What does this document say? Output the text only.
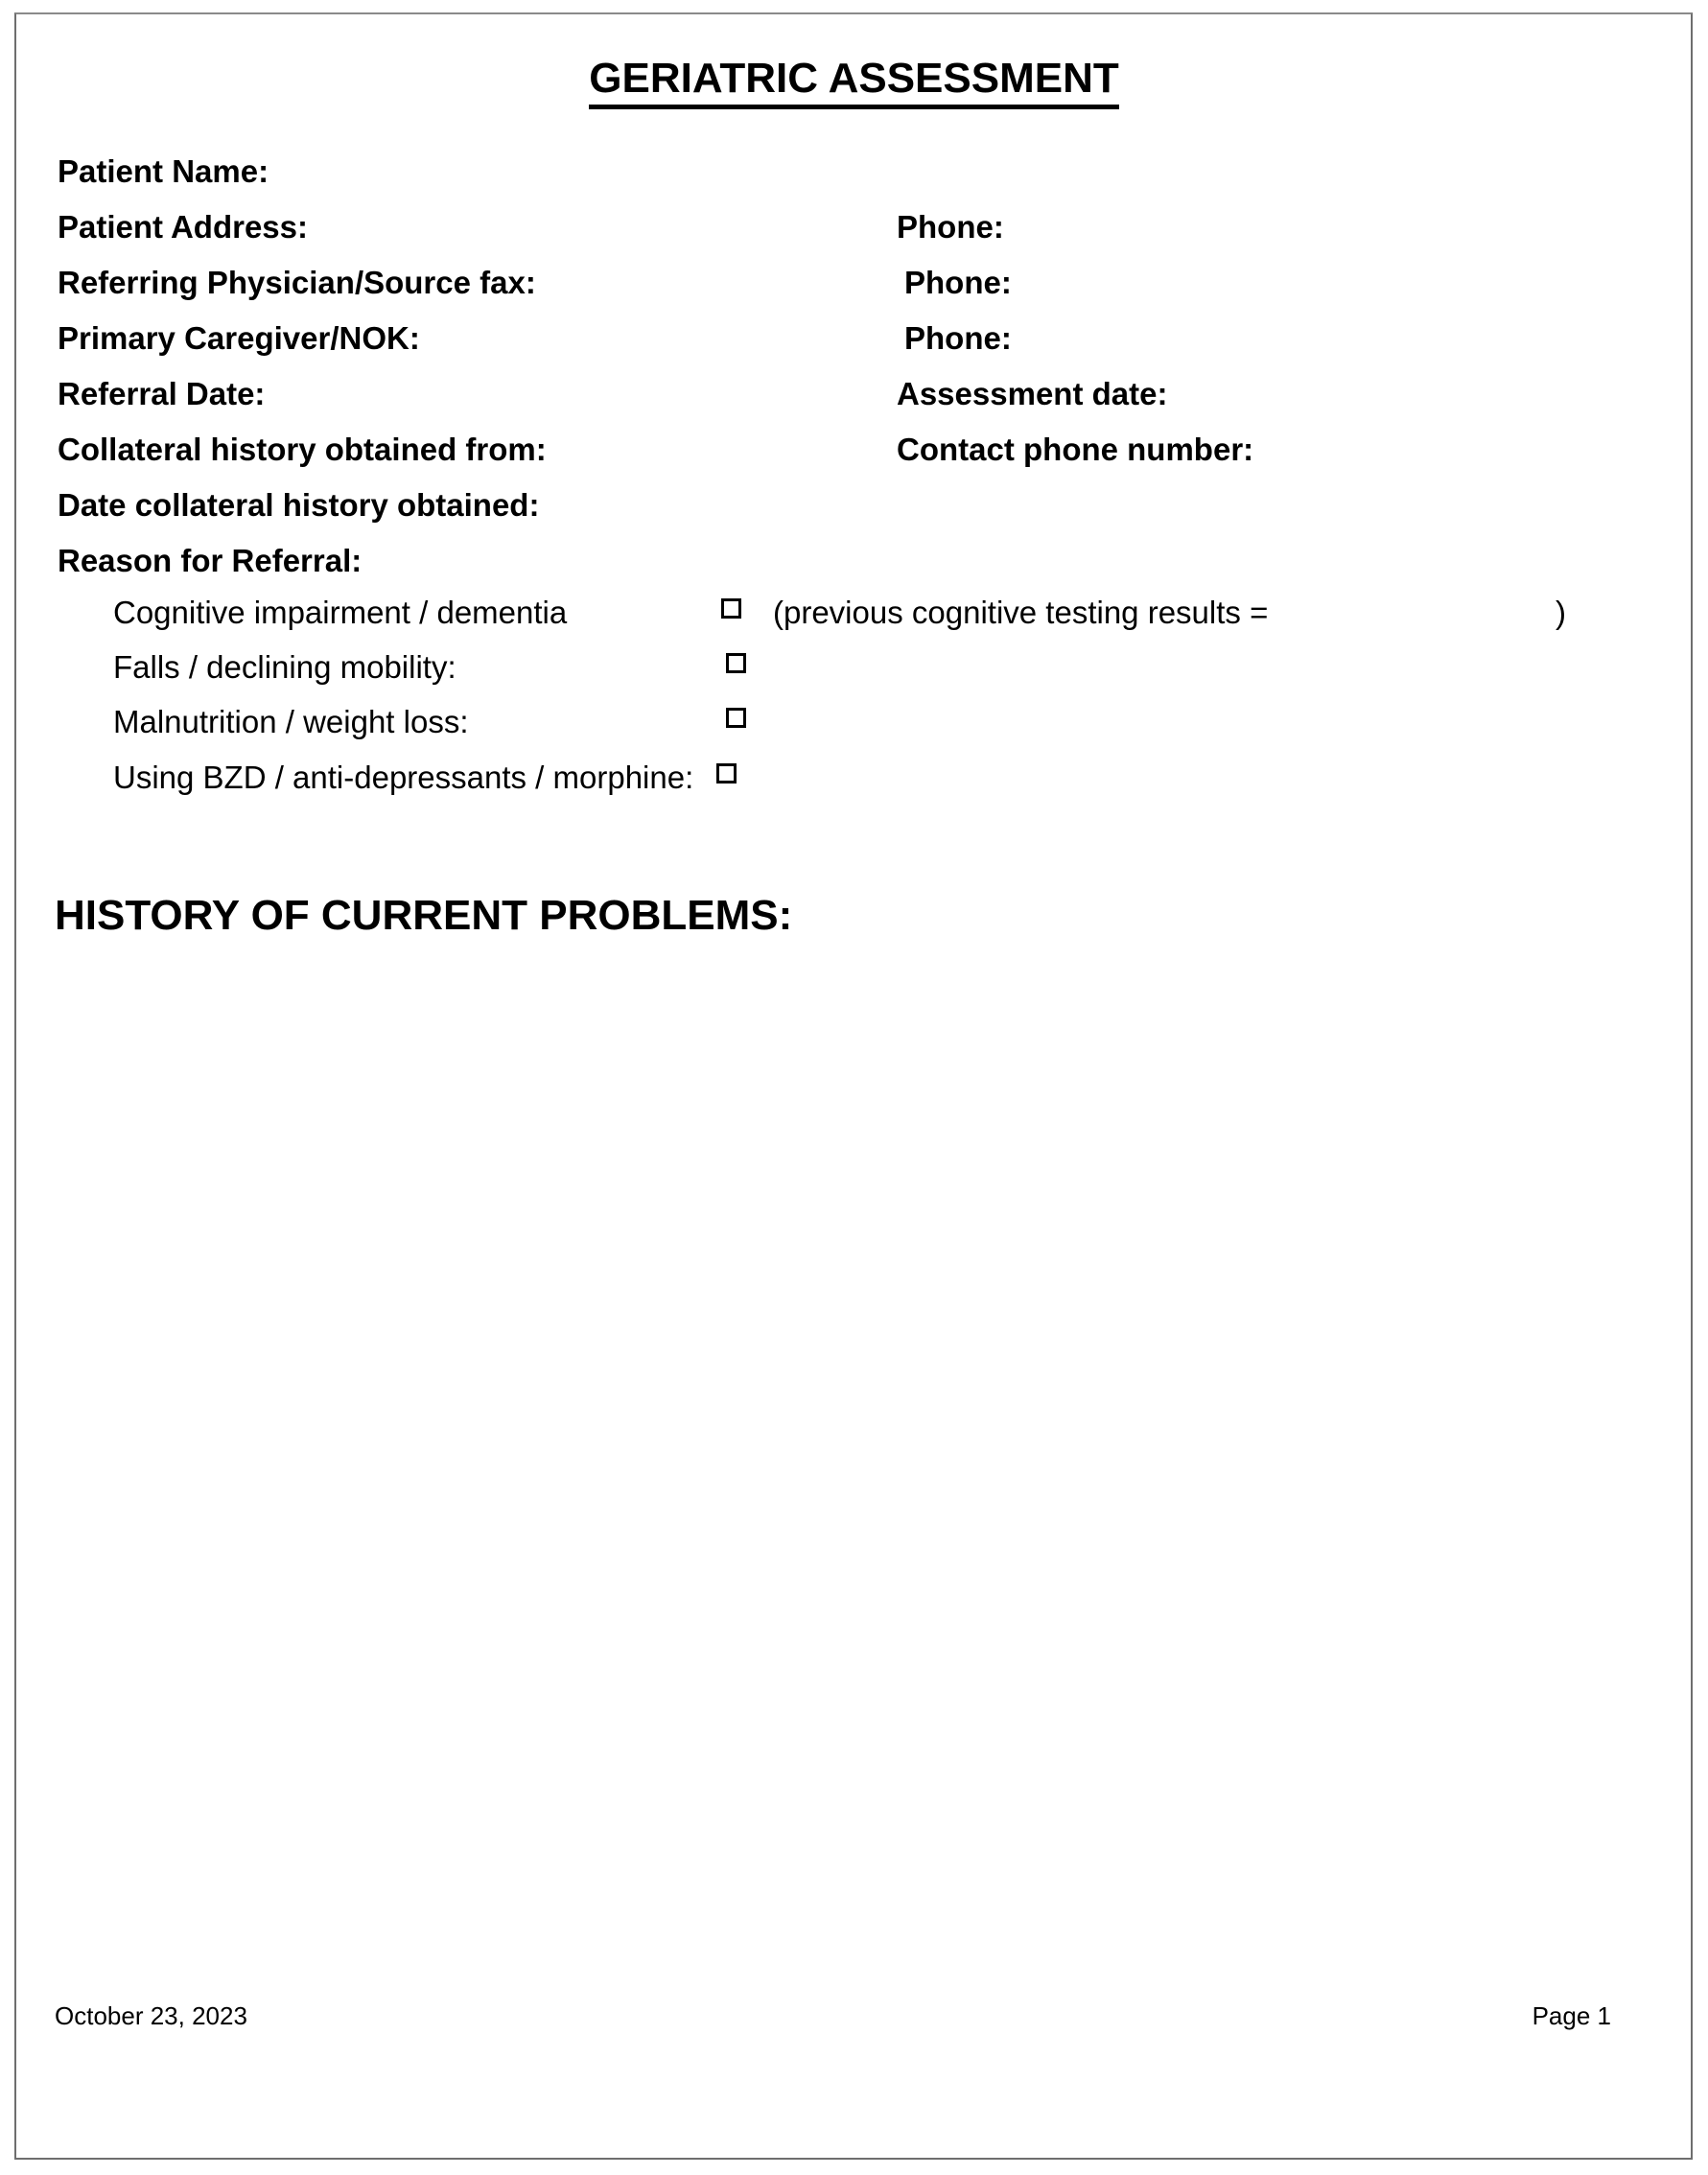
GERIATRIC ASSESSMENT
Patient Name:
Patient Address:	Phone:
Referring Physician/Source fax:	Phone:
Primary Caregiver/NOK:	Phone:
Referral Date:	Assessment date:
Collateral history obtained from:	Contact phone number:
Date collateral history obtained:
Reason for Referral:
Cognitive impairment / dementia	(previous cognitive testing results =	)
Falls / declining mobility:
Malnutrition / weight loss:
Using BZD / anti-depressants / morphine:
HISTORY OF CURRENT PROBLEMS:
October 23, 2023	Page 1
